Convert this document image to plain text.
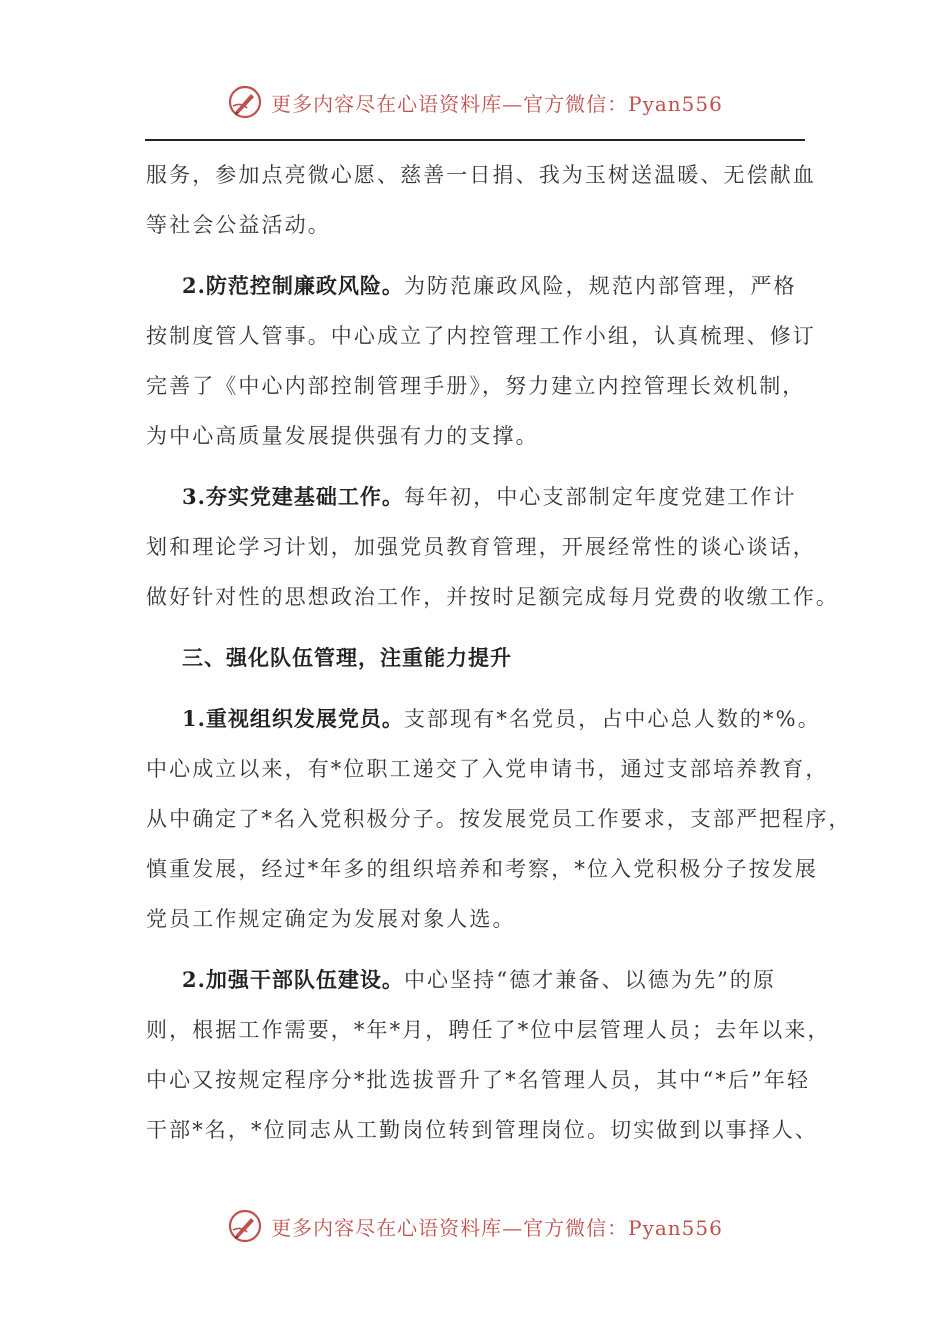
更多内容尽在心语资料库—官方微信：Pyan556
服务，参加点亮微心愿、慈善一日捐、我为玉树送温暖、无偿献血
等社会公益活动。
2.防范控制廉政风险。为防范廉政风险，规范内部管理，严格
按制度管人管事。中心成立了内控管理工作小组，认真梳理、修订
完善了《中心内部控制管理手册》，努力建立内控管理长效机制，
为中心高质量发展提供强有力的支撑。
3.夯实党建基础工作。每年初，中心支部制定年度党建工作计
划和理论学习计划，加强党员教育管理，开展经常性的谈心谈话，
做好针对性的思想政治工作，并按时足额完成每月党费的收缴工作。
三、强化队伍管理，注重能力提升
1.重视组织发展党员。支部现有*名党员，占中心总人数的*%。
中心成立以来，有*位职工递交了入党申请书，通过支部培养教育，
从中确定了*名入党积极分子。按发展党员工作要求，支部严把程序，
慎重发展，经过*年多的组织培养和考察，*位入党积极分子按发展
党员工作规定确定为发展对象人选。
2.加强干部队伍建设。中心坚持“德才兼备、以德为先”的原
则，根据工作需要，*年*月，聘任了*位中层管理人员；去年以来，
中心又按规定程序分*批选拔晋升了*名管理人员，其中“*后”年轻
干部*名，*位同志从工勤岗位转到管理岗位。切实做到以事择人、
更多内容尽在心语资料库—官方微信：Pyan556
